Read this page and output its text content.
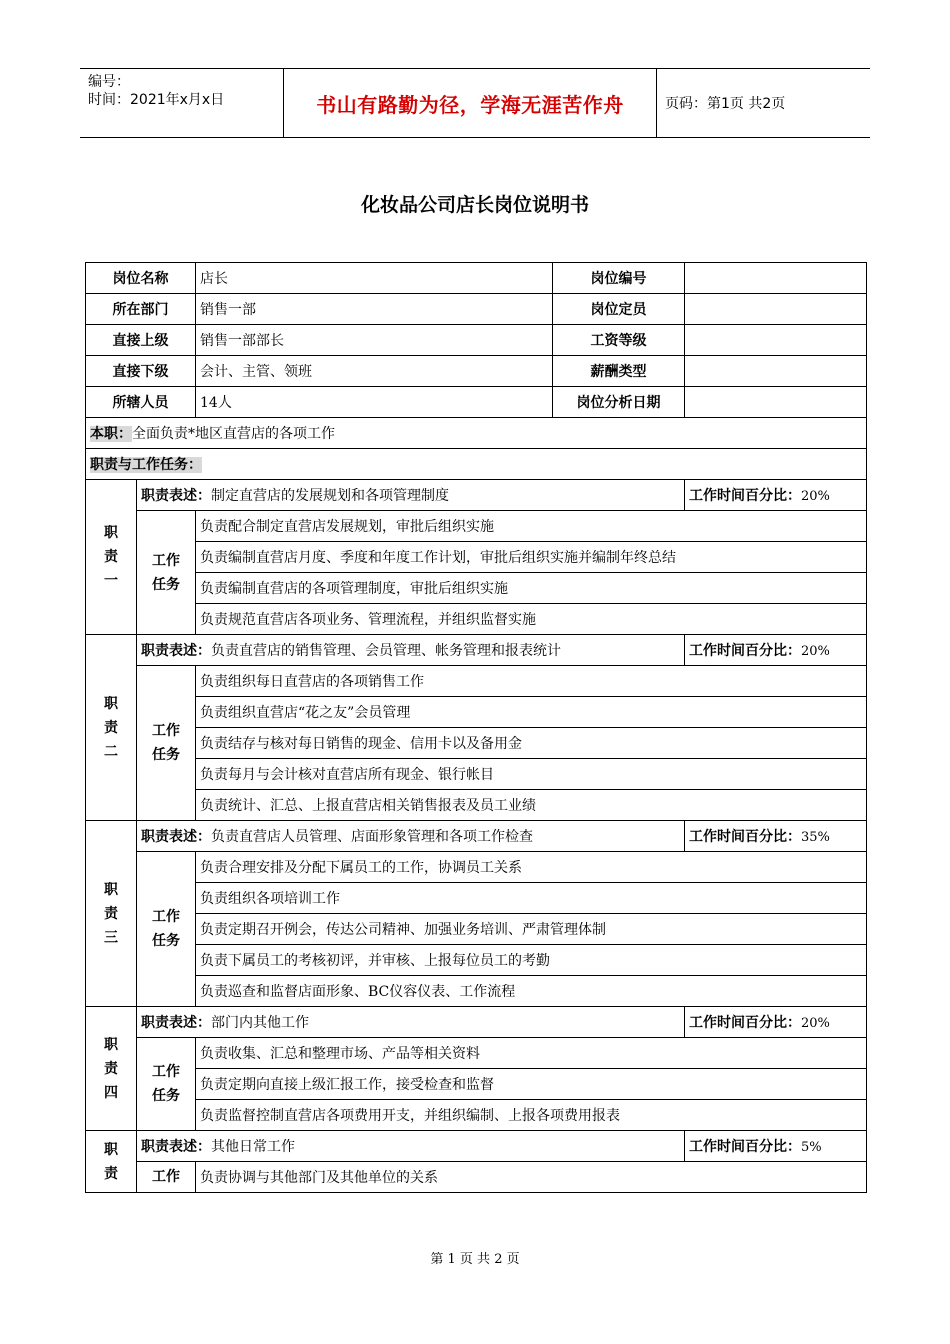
编号：
时间：2021年x月x日	书山有路勤为径，学海无涯苦作舟	页码：第1页 共2页
化妆品公司店长岗位说明书
岗位名称		店长	岗位编号	
所在部门		销售一部	岗位定员	
直接上级		销售一部部长	工资等级	
直接下级		会计、主管、领班	薪酬类型	
所辖人员		14人	岗位分析日期	
本职：全面负责*地区直营店的各项工作				
职责与工作任务：				

职
责
一	职责表述：制定直营店的发展规划和各项管理制度			工作时间百分比：20%

	工作
任务	负责配合制定直营店发展规划，审批后组织实施		
		负责编制直营店月度、季度和年度工作计划，审批后组织实施并编制年终总结		
		负责编制直营店的各项管理制度，审批后组织实施		
		负责规范直营店各项业务、管理流程，并组织监督实施		

职
责
二	职责表述：负责直营店的销售管理、会员管理、帐务管理和报表统计			工作时间百分比：20%

	工作
任务	负责组织每日直营店的各项销售工作		
		负责组织直营店“花之友”会员管理		
		负责结存与核对每日销售的现金、信用卡以及备用金		
		负责每月与会计核对直营店所有现金、银行帐目		
		负责统计、汇总、上报直营店相关销售报表及员工业绩		

职
责
三	职责表述：负责直营店人员管理、店面形象管理和各项工作检查			工作时间百分比：35%

	工作
任务	负责合理安排及分配下属员工的工作，协调员工关系		
		负责组织各项培训工作		
		负责定期召开例会，传达公司精神、加强业务培训、严肃管理体制		
		负责下属员工的考核初评，并审核、上报每位员工的考勤		
		负责巡查和监督店面形象、BC仪容仪表、工作流程		

职
责
四	职责表述：部门内其他工作			工作时间百分比：20%

	工作
任务	负责收集、汇总和整理市场、产品等相关资料		
		负责定期向直接上级汇报工作，接受检查和监督		
		负责监督控制直营店各项费用开支，并组织编制、上报各项费用报表		

职
责	职责表述：其他日常工作			工作时间百分比：5%
	工作	负责协调与其他部门及其他单位的关系		
第 1 页 共 2 页
